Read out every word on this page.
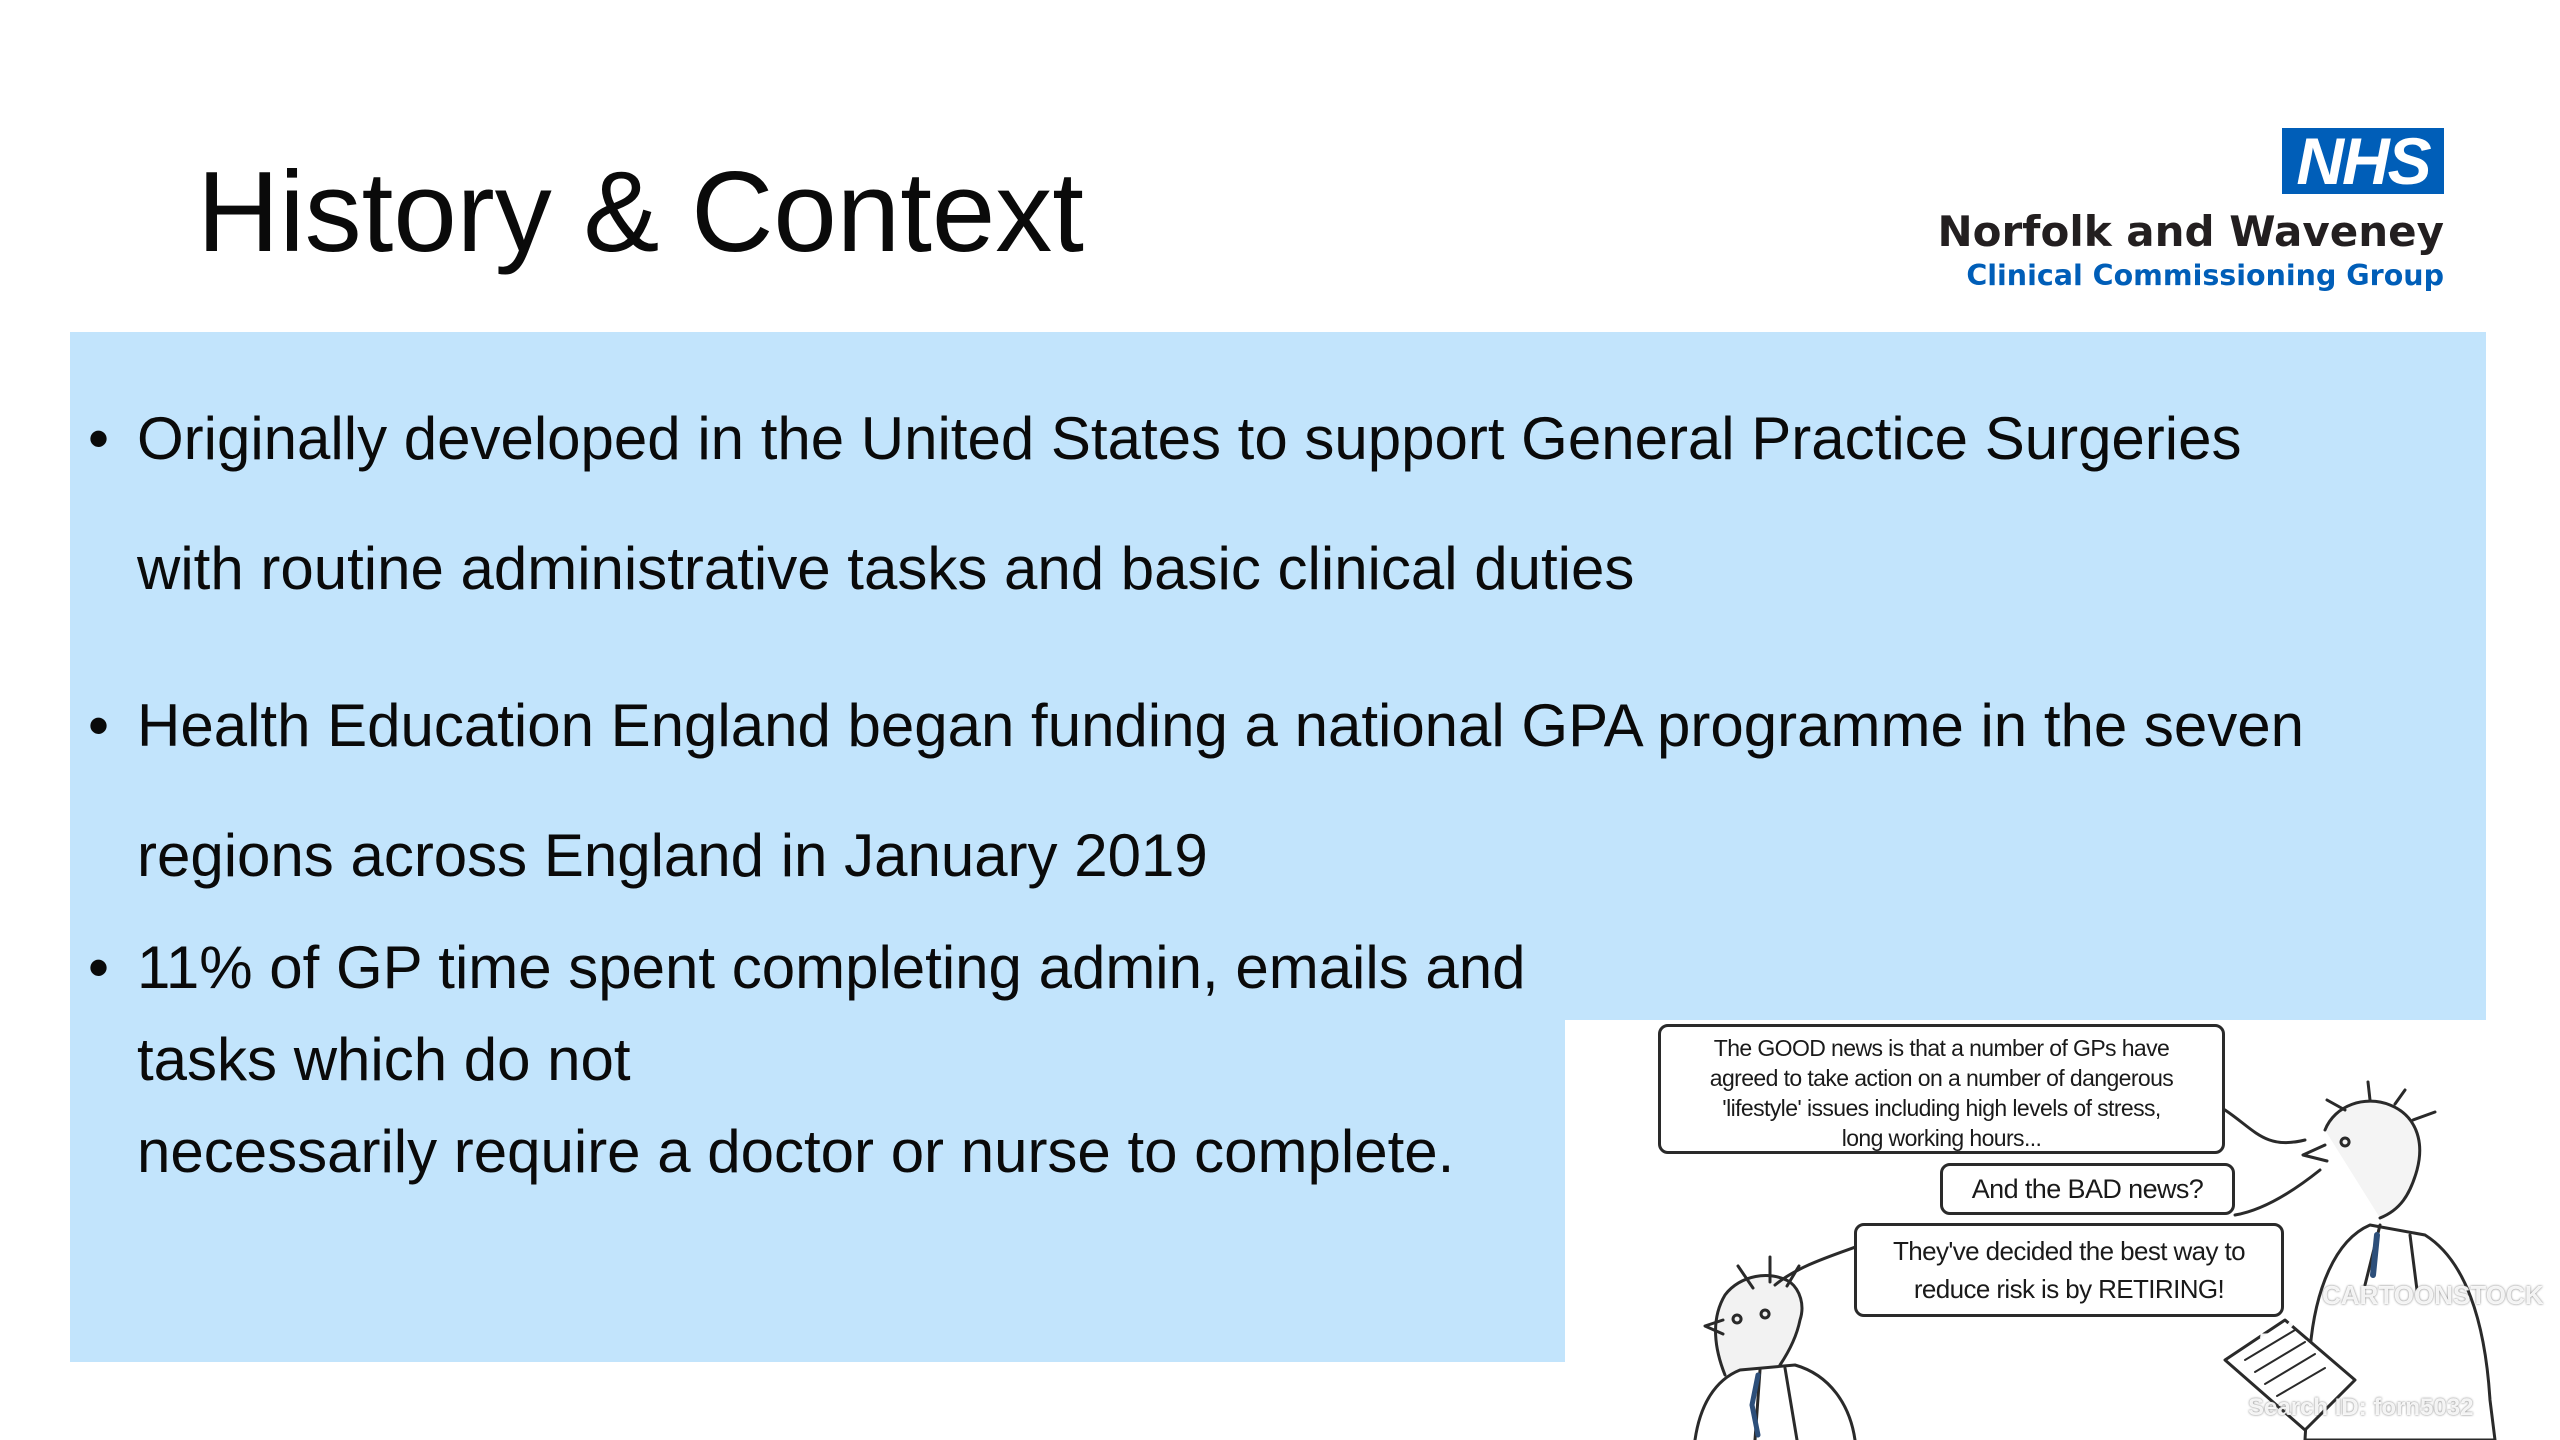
History & Context	NHS
Norfolk and Waveney
Clinical Commissioning Group
• Originally developed in the United States to support General Practice Surgeries
with routine administrative tasks and basic clinical duties
• Health Education England began funding a national GPA programme in the seven
regions across England in January 2019
• 11% of GP time spent completing admin, emails and tasks which do not
necessarily require a doctor or nurse to complete.
The GOOD news is that a number of GPs have
agreed to take action on a number of dangerous
'lifestyle' issues including high levels of stress,
long working hours...
And the BAD news?
They've decided the best way to
reduce risk is by RETIRING!	CARTOONSTOCK
Search ID: forn5032
